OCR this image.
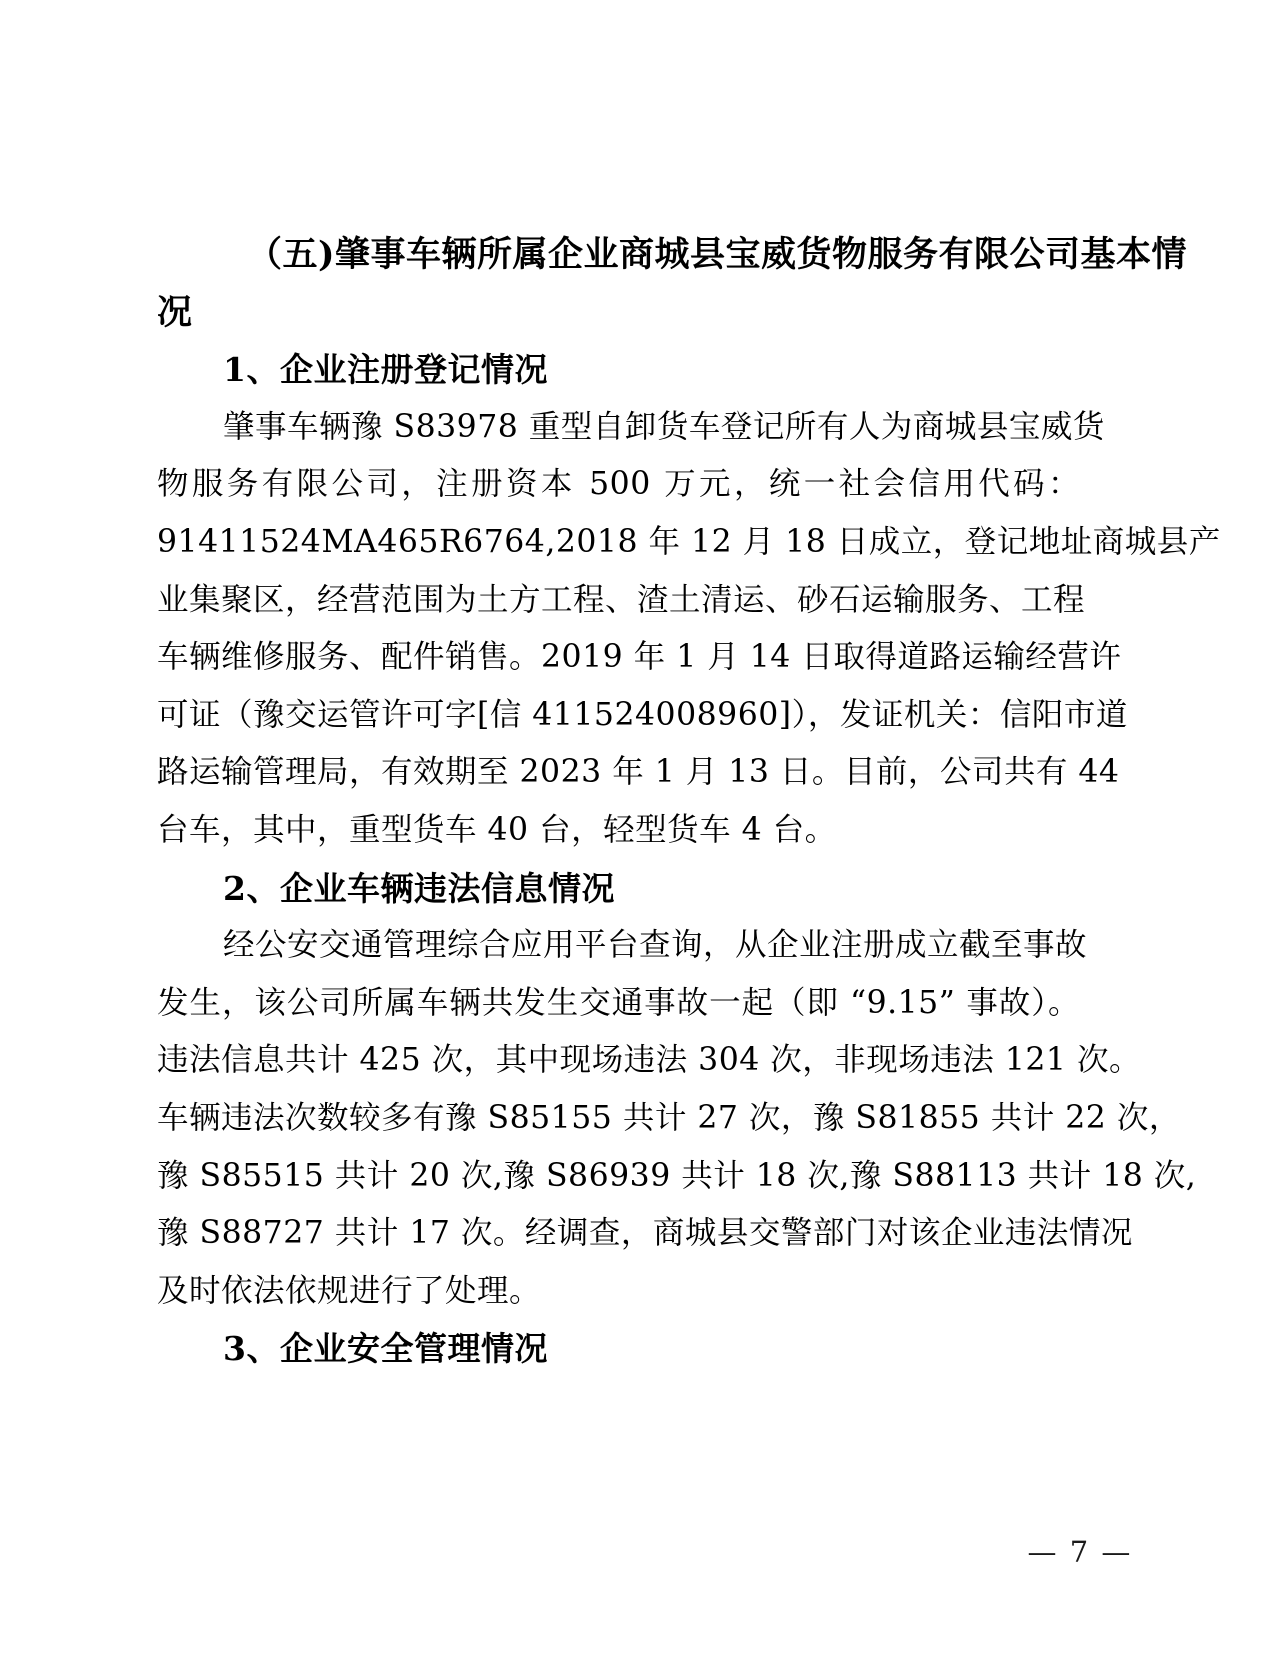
（五)肇事车辆所属企业商城县宝威货物服务有限公司基本情
况
1、企业注册登记情况
肇事车辆豫 S83978 重型自卸货车登记所有人为商城县宝威货
物服务有限公司，注册资本 500 万元，统一社会信用代码：
91411524MA465R6764,2018 年 12 月 18 日成立，登记地址商城县产
业集聚区，经营范围为土方工程、渣土清运、砂石运输服务、工程
车辆维修服务、配件销售。2019 年 1 月 14 日取得道路运输经营许
可证（豫交运管许可字[信 411524008960]），发证机关：信阳市道
路运输管理局，有效期至 2023 年 1 月 13 日。目前，公司共有 44
台车，其中，重型货车 40 台，轻型货车 4 台。
2、企业车辆违法信息情况
经公安交通管理综合应用平台查询，从企业注册成立截至事故
发生，该公司所属车辆共发生交通事故一起（即 “9.15” 事故）。
违法信息共计 425 次，其中现场违法 304 次，非现场违法 121 次。
车辆违法次数较多有豫 S85155 共计 27 次，豫 S81855 共计 22 次，
豫 S85515 共计 20 次,豫 S86939 共计 18 次,豫 S88113 共计 18 次,
豫 S88727 共计 17 次。经调查，商城县交警部门对该企业违法情况
及时依法依规进行了处理。
3、企业安全管理情况
— 7 —
